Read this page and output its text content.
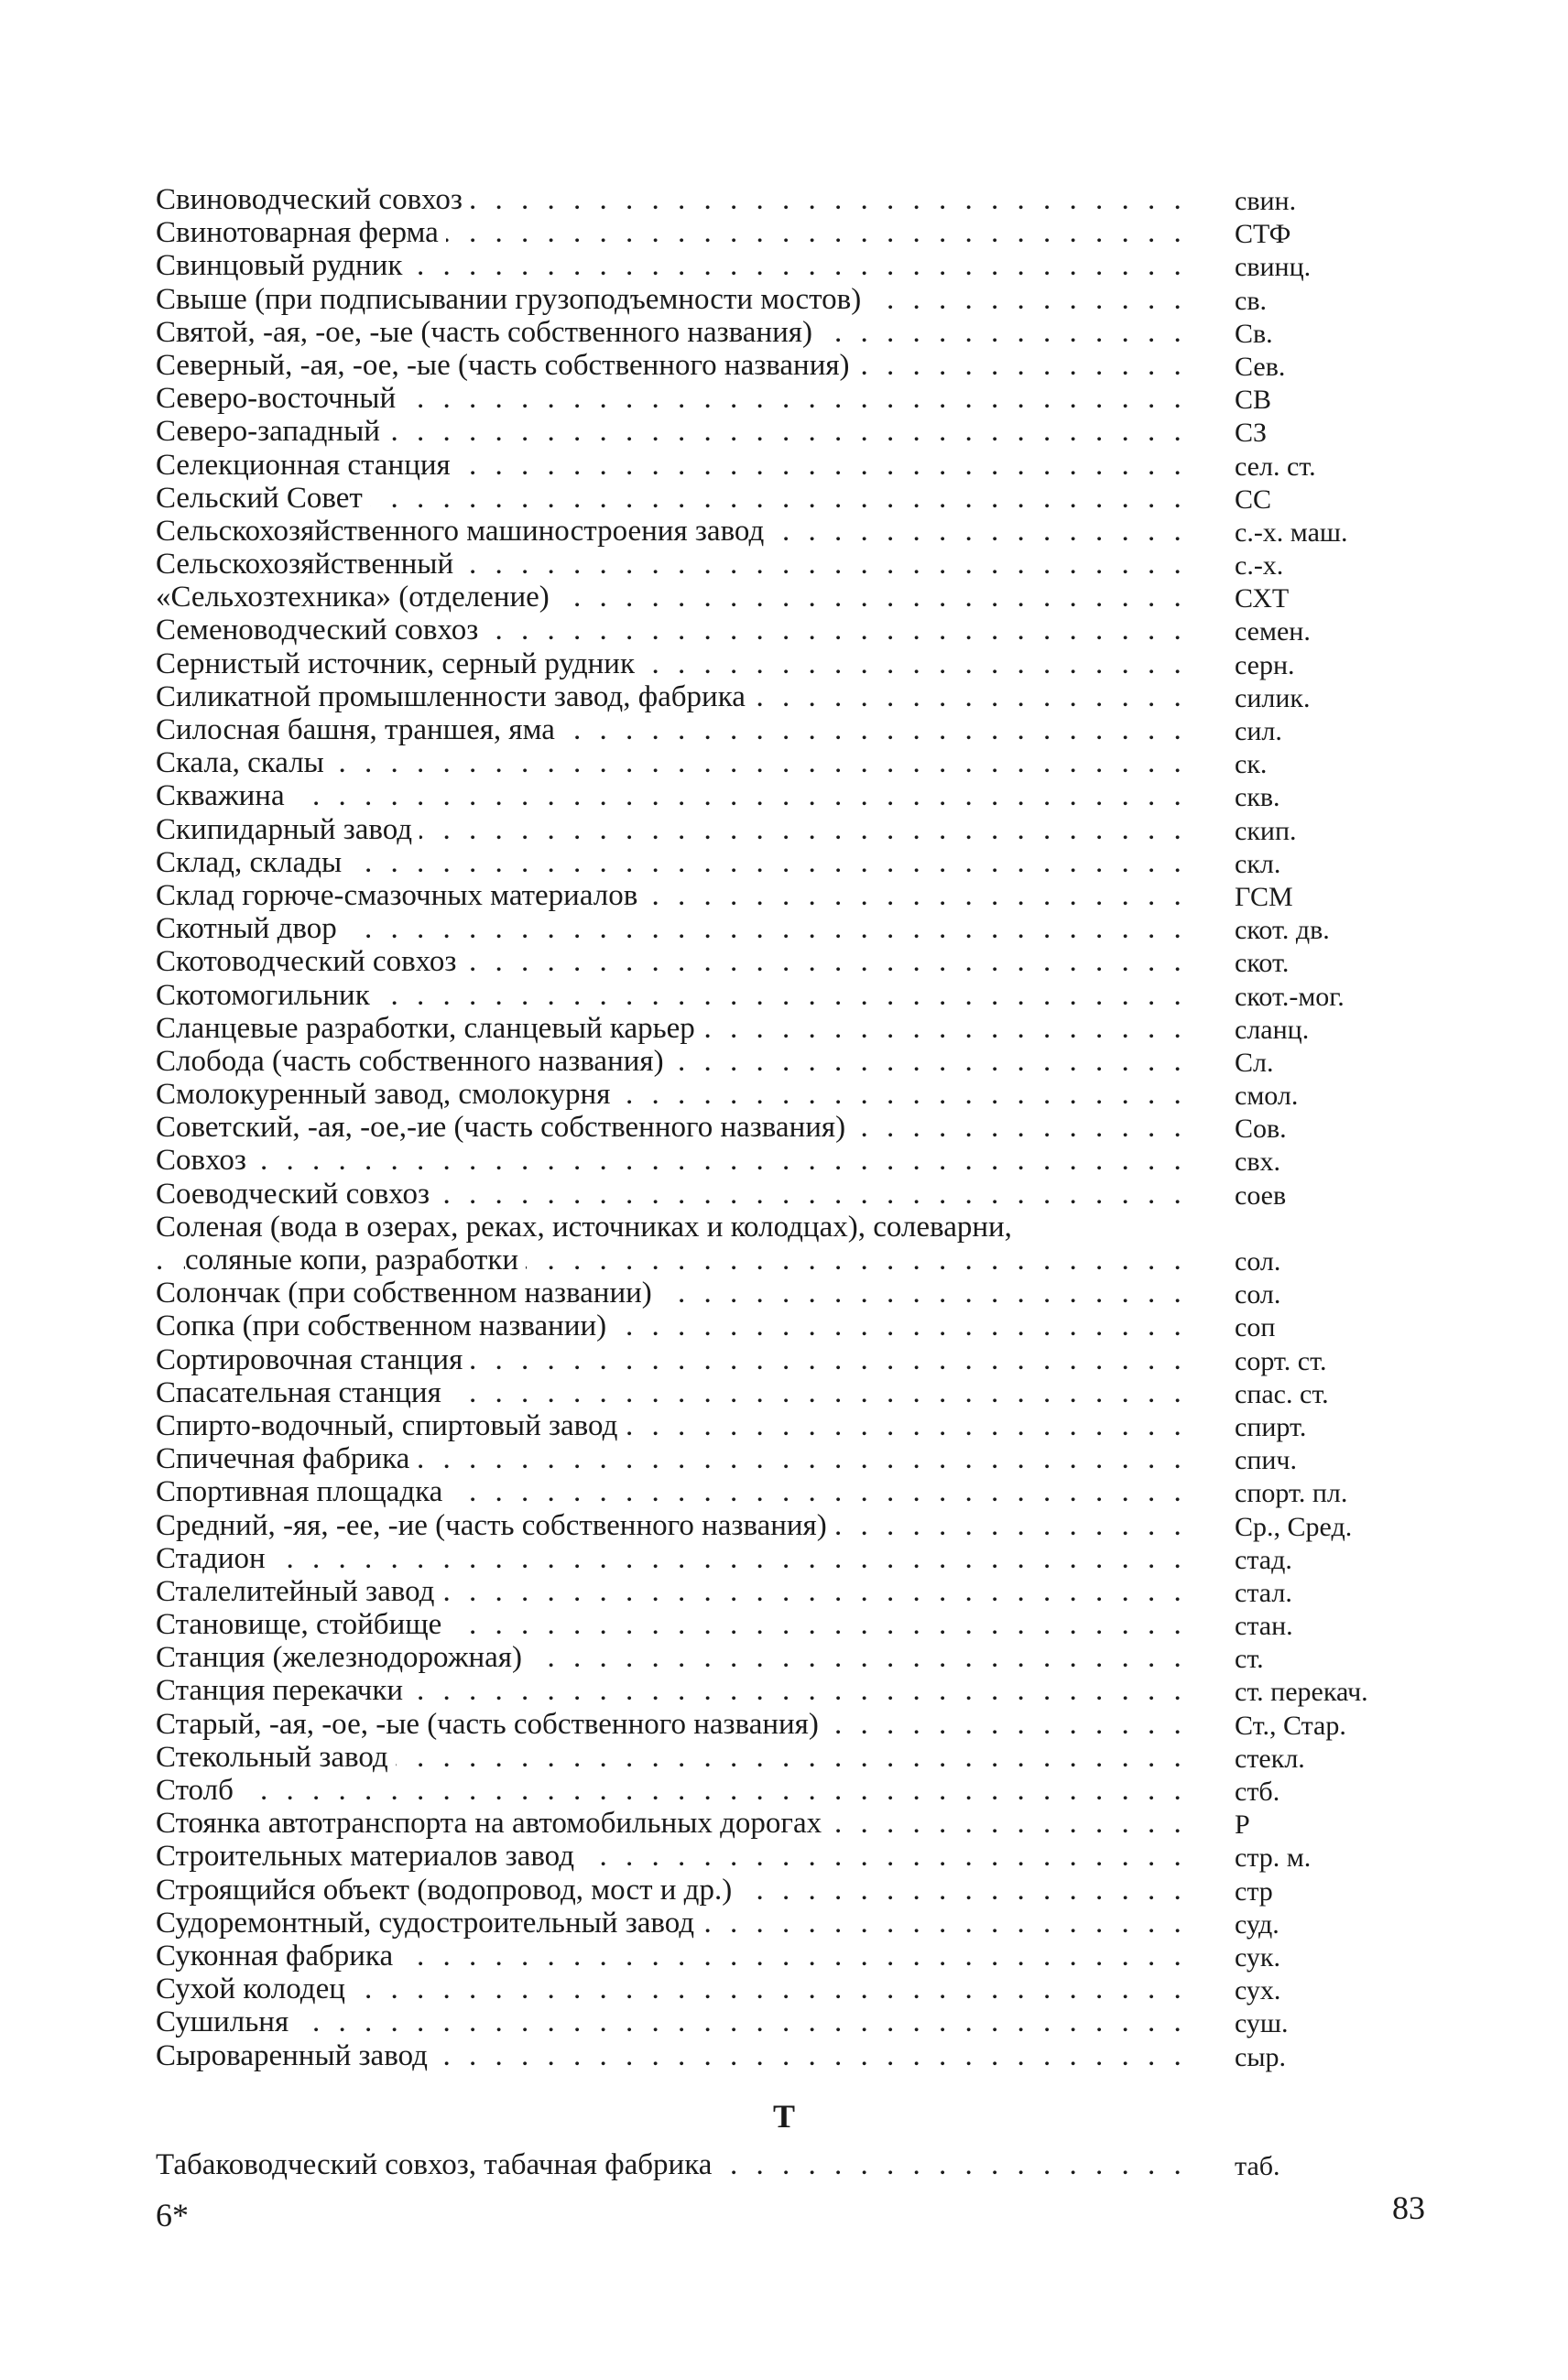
Свиноводческий совхоз . . .	свин.
Свинотоварная ферма . . .	СТФ
Свинцовый рудник . . .	свинц.
Свыше (при подписывании грузоподъемности мостов) . . .	св.
Святой, -ая, -ое, -ые (часть собственного названия) . . .	Св.
Северный, -ая, -ое, -ые (часть собственного названия) . . .	Сев.
Северо-восточный . . .	СВ
Северо-западный . . .	СЗ
Селекционная станция . . .	сел. ст.
Сельский Совет . . .	СС
Сельскохозяйственного машиностроения завод . . .	с.-х. маш.
Сельскохозяйственный . . .	с.-х.
«Сельхозтехника» (отделение) . . .	СХТ
Семеноводческий совхоз . . .	семен.
Сернистый источник, серный рудник . . .	серн.
Силикатной промышленности завод, фабрика . . .	силик.
Силосная башня, траншея, яма . . .	сил.
Скала, скалы . . .	ск.
Скважина . . .	скв.
Скипидарный завод . . .	скип.
Склад, склады . . .	скл.
Склад горюче-смазочных материалов . . .	ГСМ
Скотный двор . . .	скот. дв.
Скотоводческий совхоз . . .	скот.
Скотомогильник . . .	скот.-мог.
Сланцевые разработки, сланцевый карьер . . .	сланц.
Слобода (часть собственного названия) . . .	Сл.
Смолокуренный завод, смолокурня . . .	смол.
Советский, -ая, -ое,-ие (часть собственного названия) . . .	Сов.
Совхоз . . .	свх.
Соеводческий совхоз . . .	соев
Соленая (вода в озерах, реках, источниках и колодцах), солеварни,
соляные копи, разработки . . .	сол.
Солончак (при собственном названии) . . .	сол.
Сопка (при собственном названии) . . .	соп
Сортировочная станция . . .	сорт. ст.
Спасательная станция . . .	спас. ст.
Спирто-водочный, спиртовый завод . . .	спирт.
Спичечная фабрика . . .	спич.
Спортивная площадка . . .	спорт. пл.
Средний, -яя, -ее, -ие (часть собственного названия) . . .	Ср., Сред.
Стадион . . .	стад.
Сталелитейный завод . . .	стал.
Становище, стойбище . . .	стан.
Станция (железнодорожная) . . .	ст.
Станция перекачки . . .	ст. перекач.
Старый, -ая, -ое, -ые (часть собственного названия) . . .	Ст., Стар.
Стекольный завод . . .	стекл.
Столб . . .	стб.
Стоянка автотранспорта на автомобильных дорогах . . .	Р
Строительных материалов завод . . .	стр. м.
Строящийся объект (водопровод, мост и др.) . . .	стр
Судоремонтный, судостроительный завод . . .	суд.
Суконная фабрика . . .	сук.
Сухой колодец . . .	сух.
Сушильня . . .	суш.
Сыроваренный завод . . .	сыр.
Т
Табаководческий совхоз, табачная фабрика . . .	таб.
6*	83
